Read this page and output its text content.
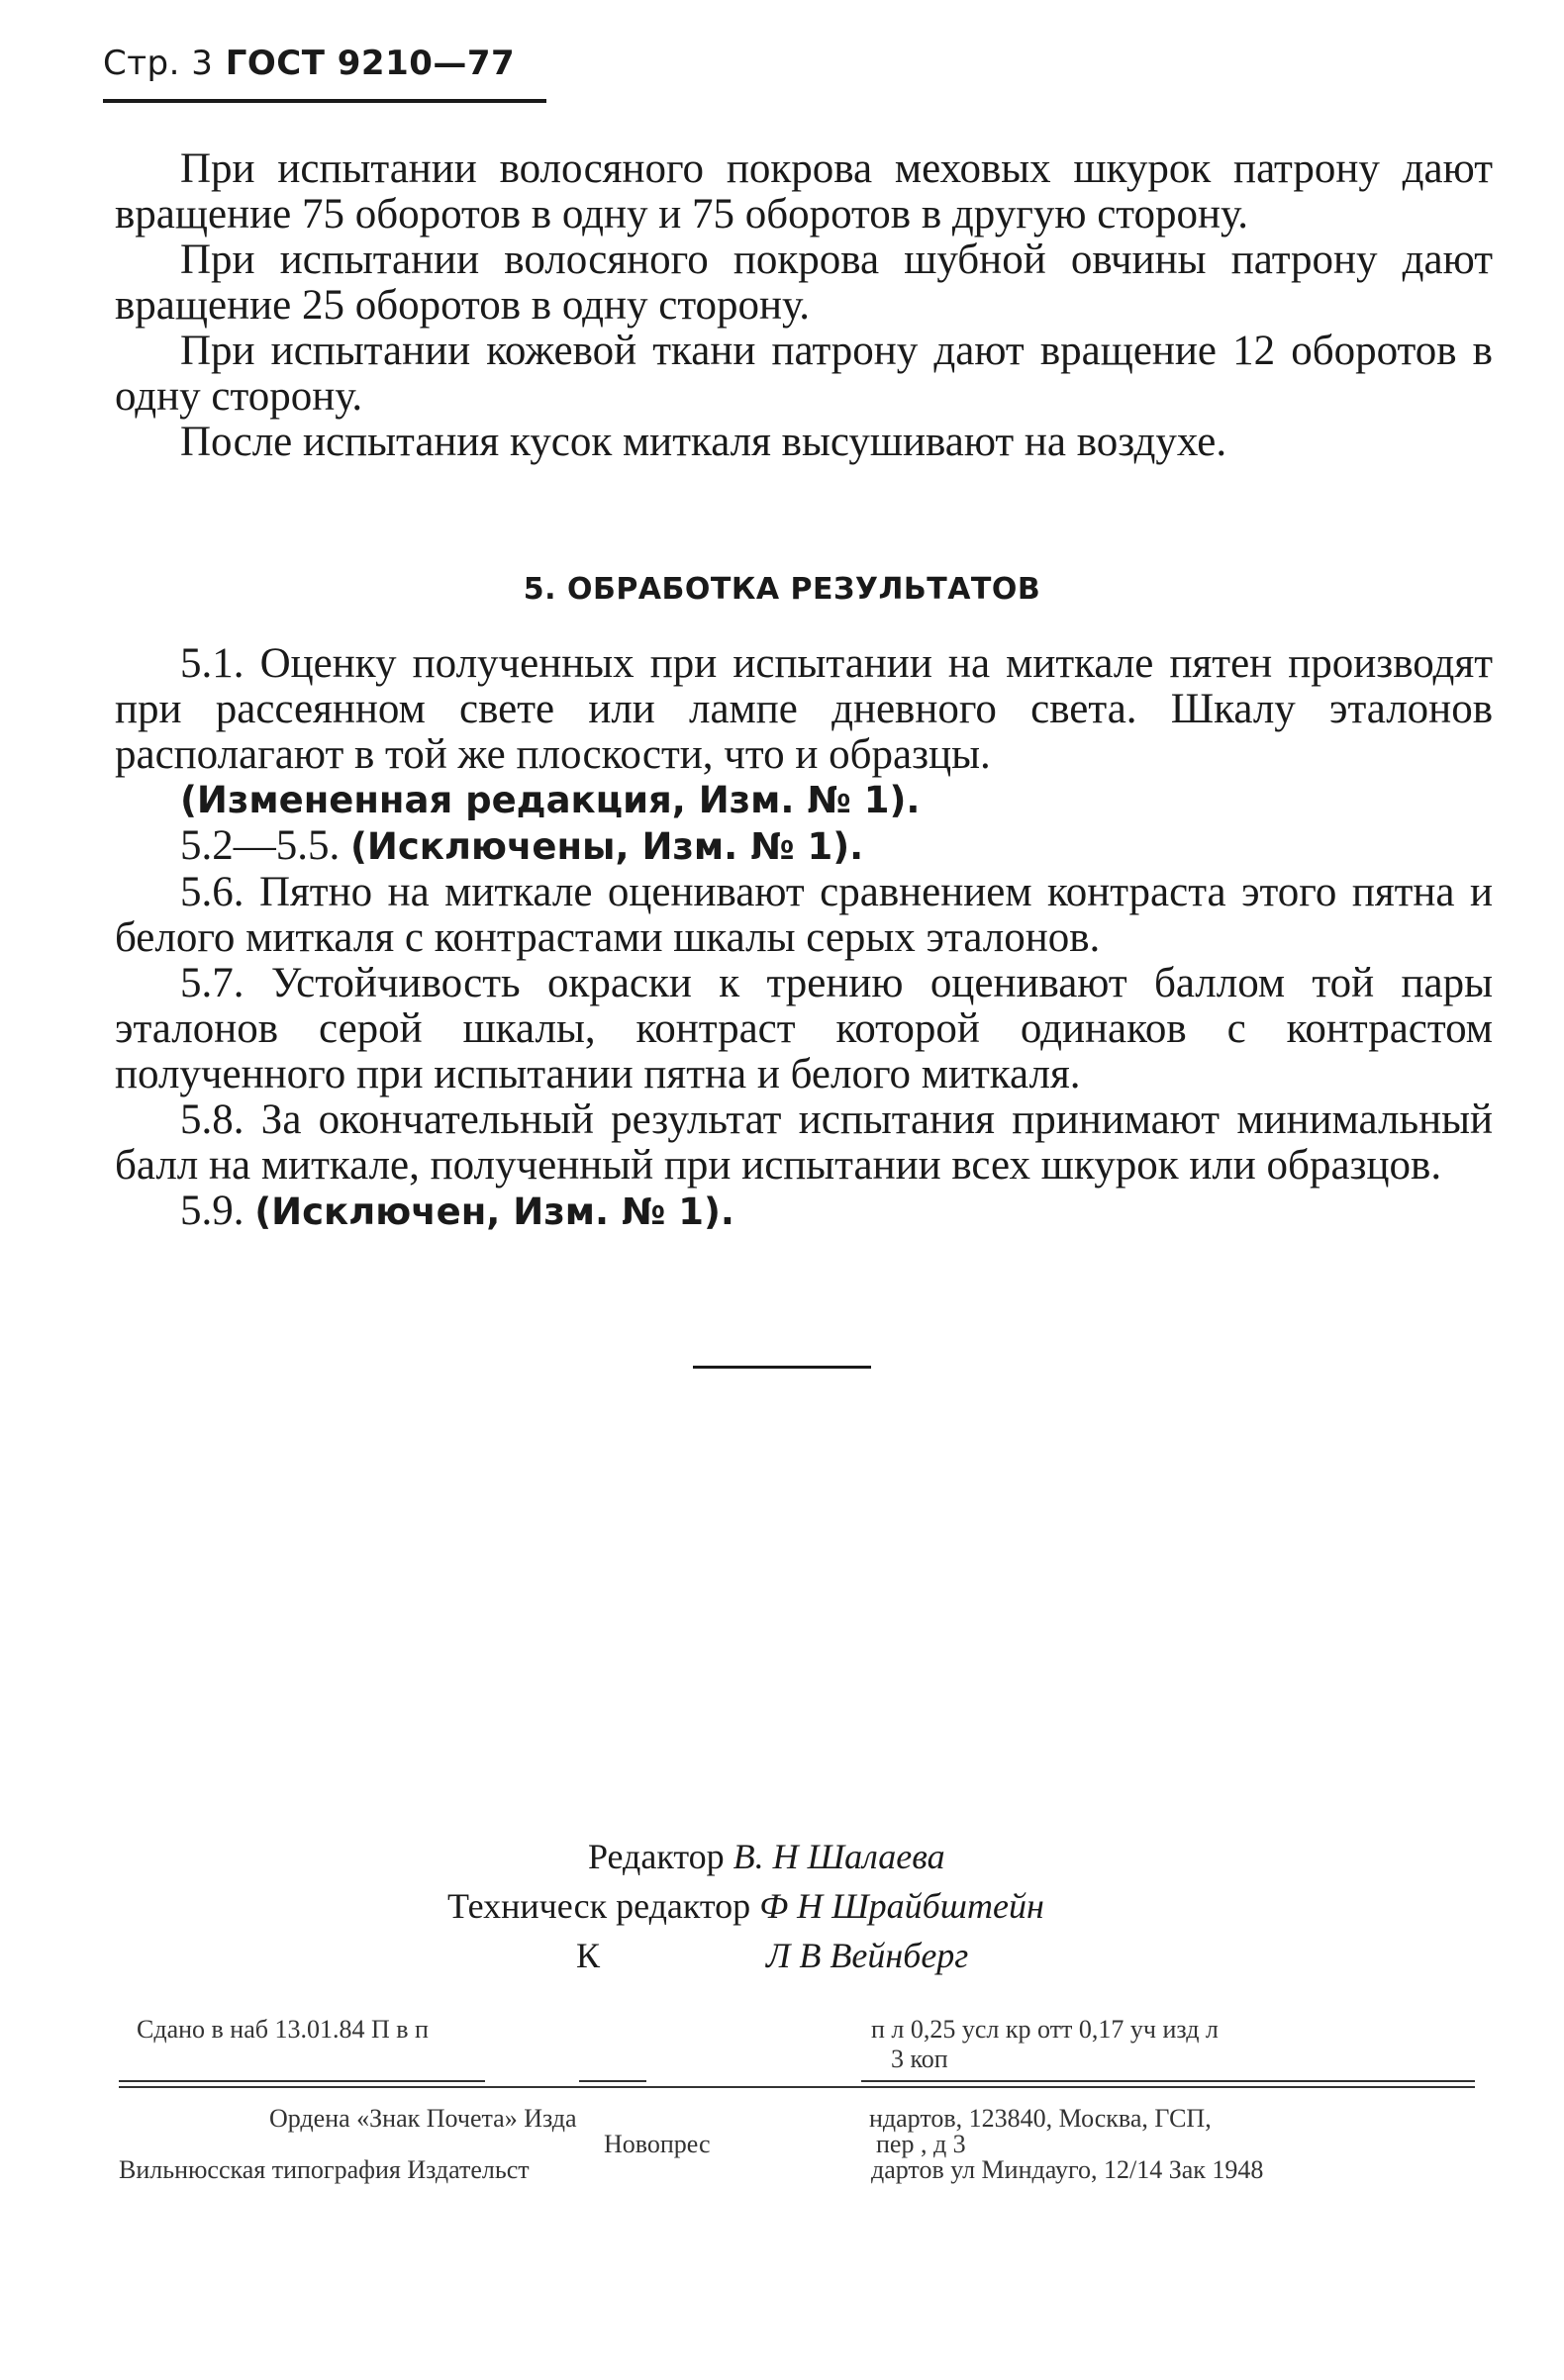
Стр. 3 ГОСТ 9210—77

При испытании волосяного покрова меховых шкурок патрону дают вращение 75 оборотов в одну и 75 оборотов в другую сторону.

При испытании волосяного покрова шубной овчины патрону дают вращение 25 оборотов в одну сторону.

При испытании кожевой ткани патрону дают вращение 12 оборотов в одну сторону.

После испытания кусок миткаля высушивают на воздухе.

5. ОБРАБОТКА РЕЗУЛЬТАТОВ

5.1. Оценку полученных при испытании на миткале пятен производят при рассеянном свете или лампе дневного света. Шкалу эталонов располагают в той же плоскости, что и образцы.

(Измененная редакция, Изм. № 1).

5.2—5.5. (Исключены, Изм. № 1).

5.6. Пятно на миткале оценивают сравнением контраста этого пятна и белого миткаля с контрастами шкалы серых эталонов.

5.7. Устойчивость окраски к трению оценивают баллом той пары эталонов серой шкалы, контраст которой одинаков с контрастом полученного при испытании пятна и белого миткаля.

5.8. За окончательный результат испытания принимают минимальный балл на миткале, полученный при испытании всех шкурок или образцов.

5.9. (Исключен, Изм. № 1).

Редактор В. Н Шалаева
Техническ редактор Ф Н Шрайбштейн
К	Л В Вейнберг
Сдано в наб 13.01.84 П в п	п л 0,25 усл кр отт 0,17 уч изд л
3 коп
Ордена «Знак Почета» Изда	ндартов, 123840, Москва, ГСП,
Новопрес	пер , д 3
Вильнюсская типография Издательст	дартов ул Миндауго, 12/14 Зак 1948
